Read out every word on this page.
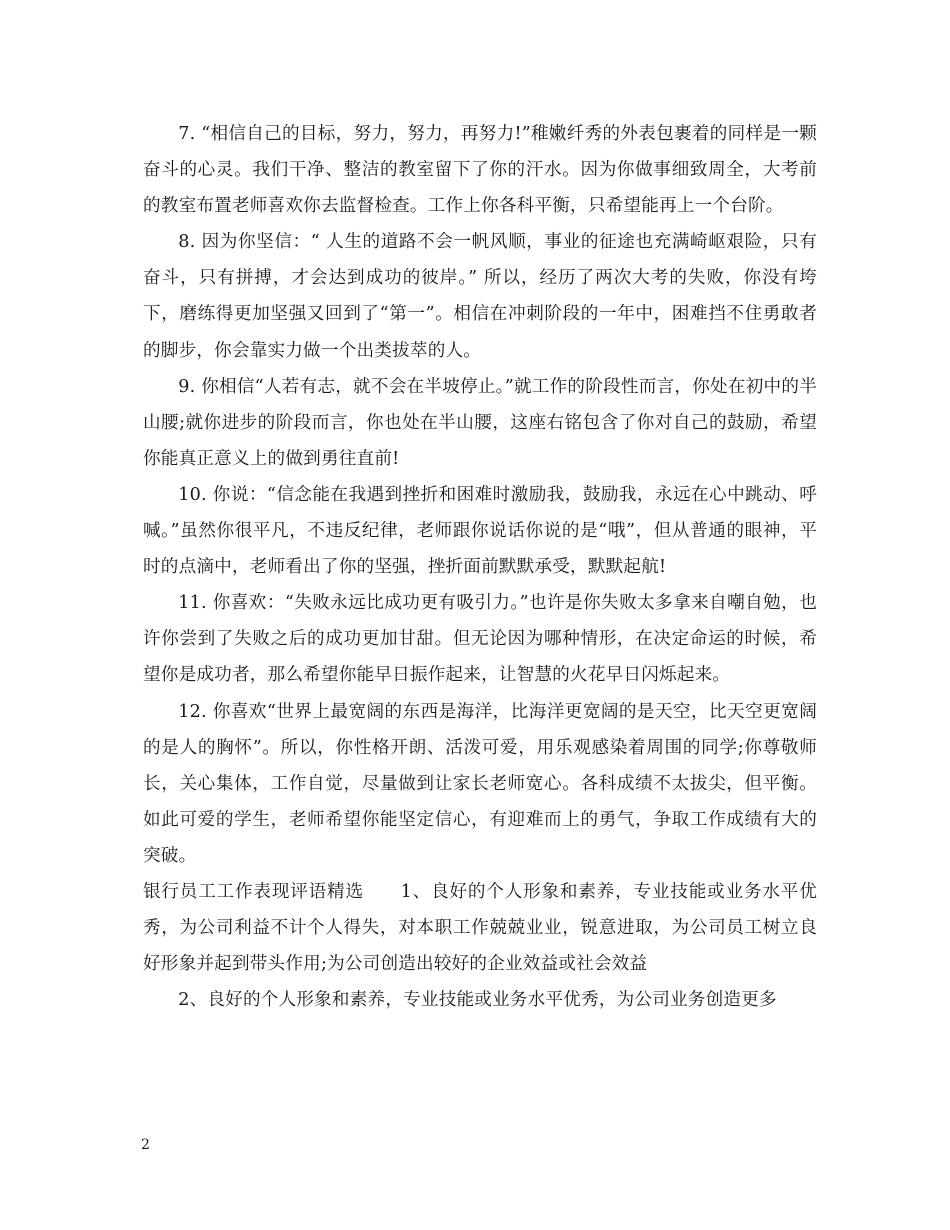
7. “相信自己的目标，努力，努力，再努力!”稚嫩纤秀的外表包裹着的同样是一颗奋斗的心灵。我们干净、整洁的教室留下了你的汗水。因为你做事细致周全，大考前的教室布置老师喜欢你去监督检查。工作上你各科平衡，只希望能再上一个台阶。

8. 因为你坚信：“ 人生的道路不会一帆风顺，事业的征途也充满崎岖艰险，只有奋斗，只有拼搏，才会达到成功的彼岸。” 所以，经历了两次大考的失败，你没有垮下，磨练得更加坚强又回到了“第一”。相信在冲刺阶段的一年中，困难挡不住勇敢者的脚步，你会靠实力做一个出类拔萃的人。

9. 你相信“人若有志，就不会在半坡停止。”就工作的阶段性而言，你处在初中的半山腰;就你进步的阶段而言，你也处在半山腰，这座右铭包含了你对自己的鼓励，希望你能真正意义上的做到勇往直前!

10. 你说：“信念能在我遇到挫折和困难时激励我，鼓励我，永远在心中跳动、呼喊。”虽然你很平凡，不违反纪律，老师跟你说话你说的是“哦”，但从普通的眼神，平时的点滴中，老师看出了你的坚强，挫折面前默默承受，默默起航!

11. 你喜欢：“失败永远比成功更有吸引力。”也许是你失败太多拿来自嘲自勉，也许你尝到了失败之后的成功更加甘甜。但无论因为哪种情形，在决定命运的时候，希望你是成功者，那么希望你能早日振作起来，让智慧的火花早日闪烁起来。

12. 你喜欢“世界上最宽阔的东西是海洋，比海洋更宽阔的是天空，比天空更宽阔的是人的胸怀”。所以，你性格开朗、活泼可爱，用乐观感染着周围的同学;你尊敬师长，关心集体，工作自觉，尽量做到让家长老师宽心。各科成绩不太拔尖，但平衡。如此可爱的学生，老师希望你能坚定信心，有迎难而上的勇气，争取工作成绩有大的突破。

银行员工工作表现评语精选　　1、良好的个人形象和素养，专业技能或业务水平优秀，为公司利益不计个人得失，对本职工作兢兢业业，锐意进取，为公司员工树立良好形象并起到带头作用;为公司创造出较好的企业效益或社会效益

2、良好的个人形象和素养，专业技能或业务水平优秀，为公司业务创造更多

2
